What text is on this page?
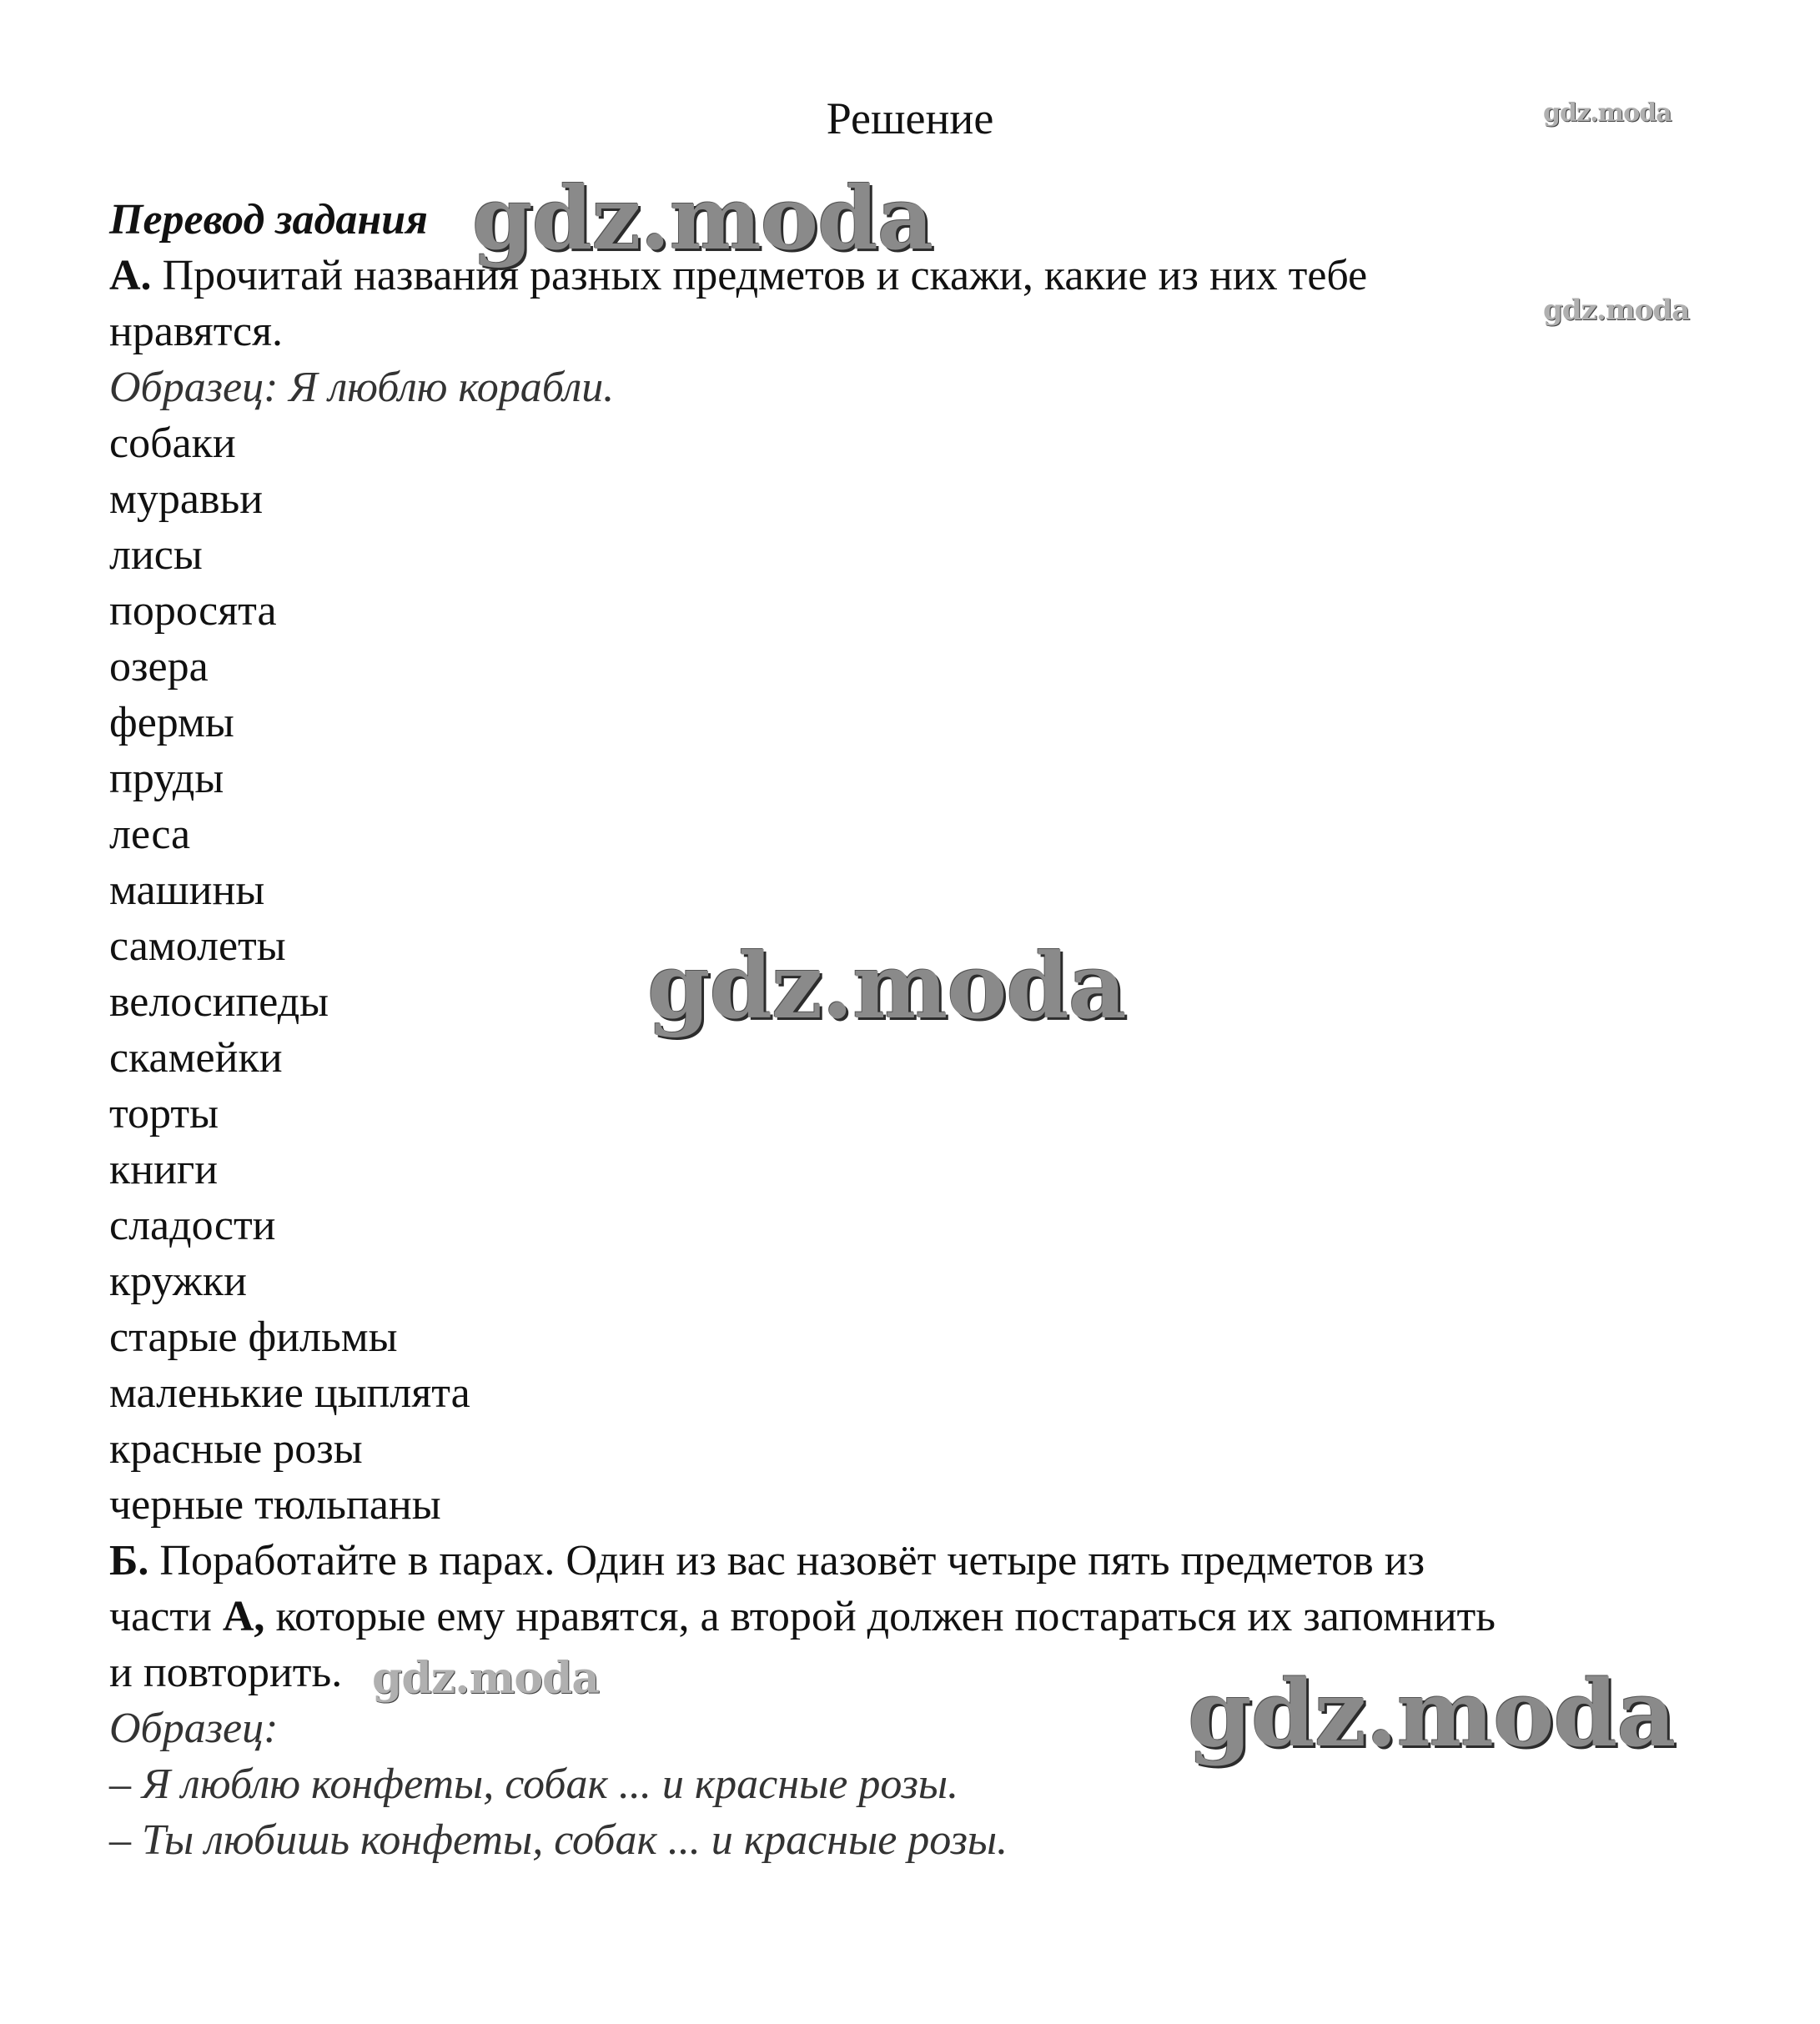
Решение
Перевод задания
А. Прочитай названия разных предметов и скажи, какие из них тебе
нравятся.
Образец: Я люблю корабли.
собаки
муравьи
лисы
поросята
озера
фермы
пруды
леса
машины
самолеты
велосипеды
скамейки
торты
книги
сладости
кружки
старые фильмы
маленькие цыплята
красные розы
черные тюльпаны
Б. Поработайте в парах. Один из вас назовёт четыре пять предметов из
части А, которые ему нравятся, а второй должен постараться их запомнить
и повторить.
Образец:
– Я люблю конфеты, собак ... и красные розы.
– Ты любишь конфеты, собак ... и красные розы.
gdz.moda
gdz.moda
gdz.moda
gdz.moda
gdz.moda	gdz.moda
